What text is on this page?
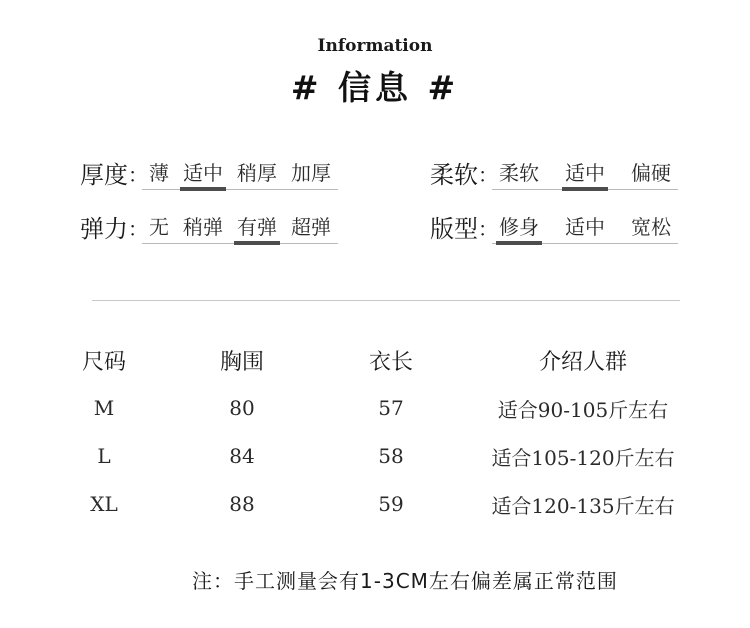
Information
# 信息 #
厚度 ： 薄 适中 稍厚 加厚	柔软 ： 柔软	适中	偏硬
弹力 ： 无 稍弹 有弹 超弹	版型 ： 修身	适中	宽松
尺码	胸围	衣长	介绍人群
M	80	57	适合90-105斤左右
L	84	58	适合105-120斤左右
XL	88	59	适合120-135斤左右
注：手工测量会有1-3CM左右偏差属正常范围
